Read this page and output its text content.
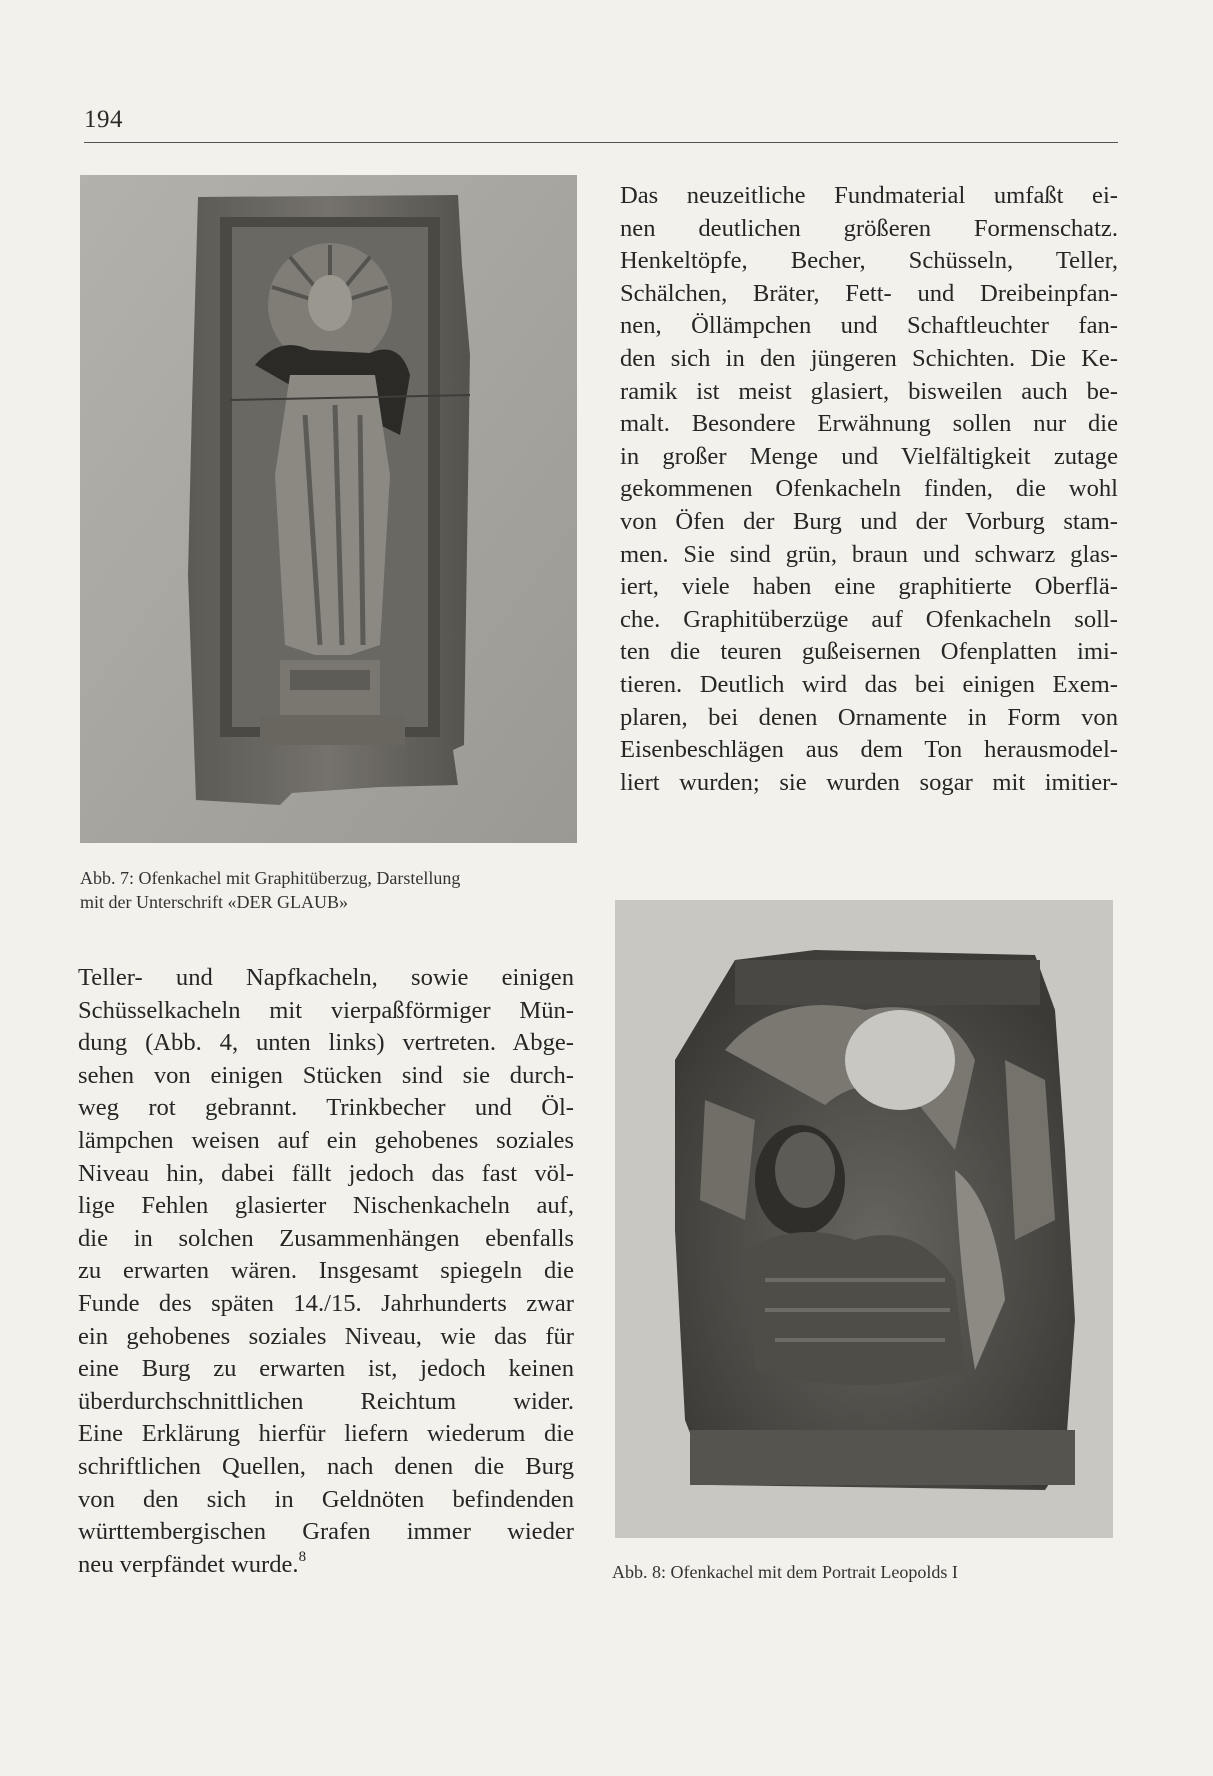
194
Abb. 7: Ofenkachel mit Graphitüberzug, Darstellung
mit der Unterschrift «DER GLAUB»
Abb. 8: Ofenkachel mit dem Portrait Leopolds I
Das neuzeitliche Fundmaterial umfaßt ei-
nen deutlichen größeren Formenschatz.
Henkeltöpfe, Becher, Schüsseln, Teller,
Schälchen, Bräter, Fett- und Dreibeinpfan-
nen, Öllämpchen und Schaftleuchter fan-
den sich in den jüngeren Schichten. Die Ke-
ramik ist meist glasiert, bisweilen auch be-
malt. Besondere Erwähnung sollen nur die
in großer Menge und Vielfältigkeit zutage
gekommenen Ofenkacheln finden, die wohl
von Öfen der Burg und der Vorburg stam-
men. Sie sind grün, braun und schwarz glas-
iert, viele haben eine graphitierte Oberflä-
che. Graphitüberzüge auf Ofenkacheln soll-
ten die teuren gußeisernen Ofenplatten imi-
tieren. Deutlich wird das bei einigen Exem-
plaren, bei denen Ornamente in Form von
Eisenbeschlägen aus dem Ton herausmodel-
liert wurden; sie wurden sogar mit imitier-
Teller- und Napfkacheln, sowie einigen
Schüsselkacheln mit vierpaßförmiger Mün-
dung (Abb. 4, unten links) vertreten. Abge-
sehen von einigen Stücken sind sie durch-
weg rot gebrannt. Trinkbecher und Öl-
lämpchen weisen auf ein gehobenes soziales
Niveau hin, dabei fällt jedoch das fast völ-
lige Fehlen glasierter Nischenkacheln auf,
die in solchen Zusammenhängen ebenfalls
zu erwarten wären. Insgesamt spiegeln die
Funde des späten 14./15. Jahrhunderts zwar
ein gehobenes soziales Niveau, wie das für
eine Burg zu erwarten ist, jedoch keinen
überdurchschnittlichen Reichtum wider.
Eine Erklärung hierfür liefern wiederum die
schriftlichen Quellen, nach denen die Burg
von den sich in Geldnöten befindenden
württembergischen Grafen immer wieder
neu verpfändet wurde.$^8$
